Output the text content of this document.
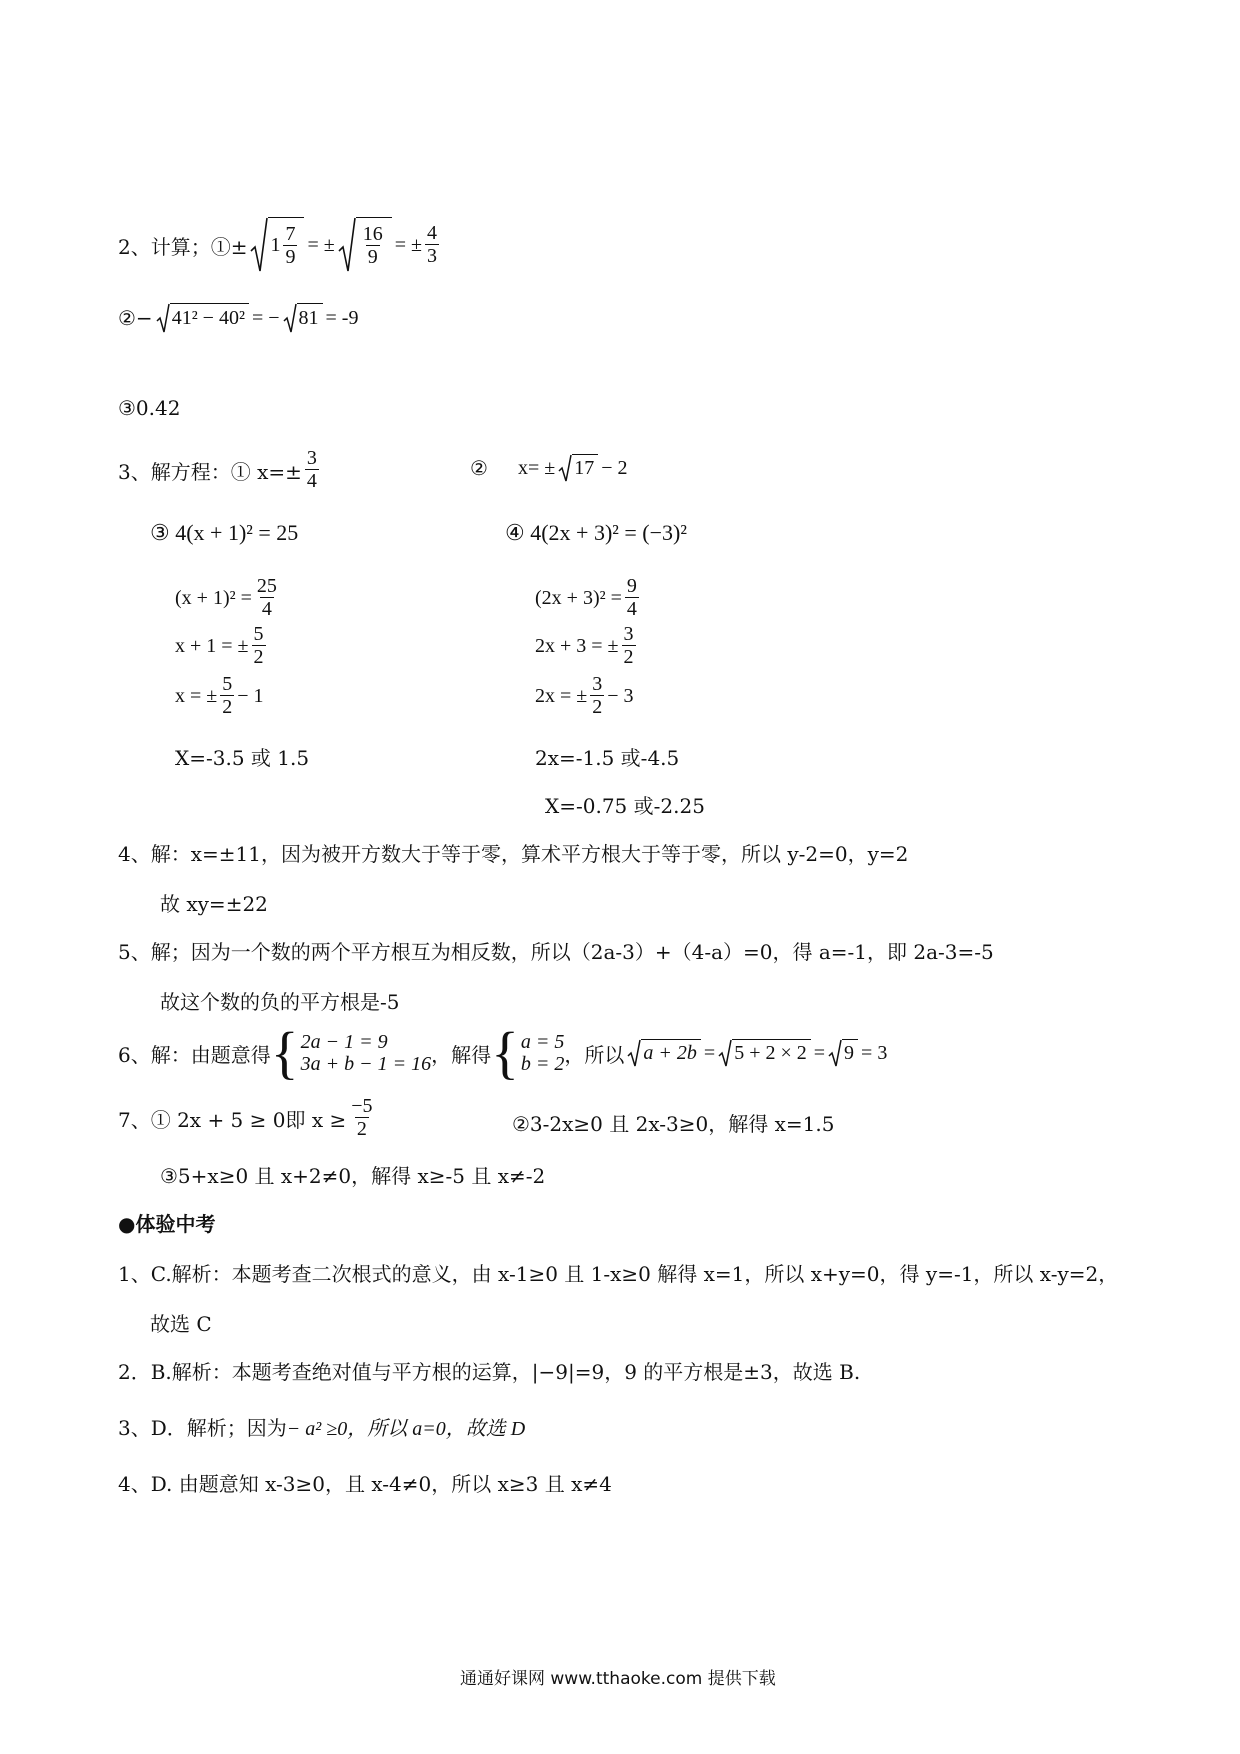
2、计算；①± $1 \frac{7}{9}$ = ± $\frac{16}{9}$ = ± $\frac{4}{3}$
②− 41² − 40² = − 81 = -9
③0.42
3、解方程：① $x=\pm \frac{3}{4}$	② x= ± 17 − 2
③ 4(x + 1)² = 25
$(x + 1)^2 = \frac{25}{4}$
x + 1 = ± $\frac{5}{2}$
x = ± $\frac{5}{2} - 1$
X=-3.5 或 1.5
④ 4(2x + 3)² = (−3)²
$(2x + 3)^2 = \frac{9}{4}$
2x + 3 = ± $\frac{3}{2}$
2x = ± $\frac{3}{2} - 3$
2x=-1.5 或-4.5
X=-0.75 或-2.25
4、解：x=±11，因为被开方数大于等于零，算术平方根大于等于零，所以 y-2=0，y=2
故 xy=±22
5、解；因为一个数的两个平方根互为相反数，所以（2a-3）+（4-a）=0，得 a=-1，即 2a-3=-5
故这个数的负的平方根是-5
6、解：由题意得 { 2a − 1 = 9
3a + b − 1 = 16 ，解得 { a = 5
b = 2 ，所以 a + 2b = 5 + 2 × 2 = 9 = 3
7、① 2x + 5 ≥ 0即 $x \ge \frac{-5}{2}$	②3-2x≥0 且 2x-3≥0，解得 x=1.5
③5+x≥0 且 x+2≠0，解得 x≥-5 且 x≠-2
●体验中考
1、C.解析：本题考查二次根式的意义，由 x-1≥0 且 1-x≥0 解得 x=1，所以 x+y=0，得 y=-1，所以 x-y=2，
故选 C
2．B.解析：本题考查绝对值与平方根的运算，|−9|=9，9 的平方根是±3，故选 B.
3、D．解析；因为 − a² ≥0，所以 a=0，故选 D
4、D. 由题意知 x-3≥0，且 x-4≠0，所以 x≥3 且 x≠4
通通好课网 www.tthaoke.com 提供下载
